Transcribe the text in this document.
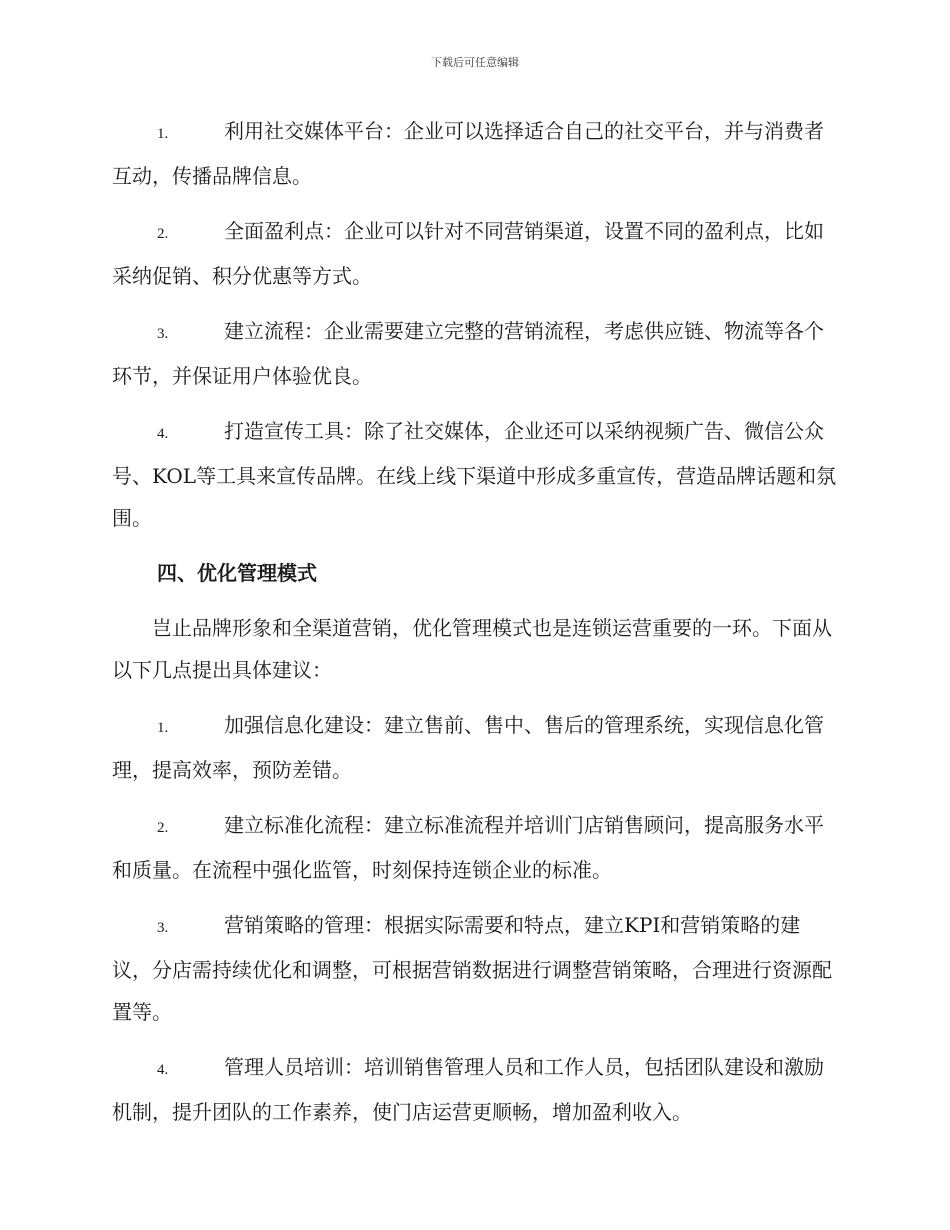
下载后可任意编辑
1.	利用社交媒体平台：企业可以选择适合自己的社交平台，并与消费者互动，传播品牌信息。
2.	全面盈利点：企业可以针对不同营销渠道，设置不同的盈利点，比如采纳促销、积分优惠等方式。
3.	建立流程：企业需要建立完整的营销流程，考虑供应链、物流等各个环节，并保证用户体验优良。
4.	打造宣传工具：除了社交媒体，企业还可以采纳视频广告、微信公众号、KOL等工具来宣传品牌。在线上线下渠道中形成多重宣传，营造品牌话题和氛围。
四、优化管理模式
岂止品牌形象和全渠道营销，优化管理模式也是连锁运营重要的一环。下面从以下几点提出具体建议：
1.	加强信息化建设：建立售前、售中、售后的管理系统，实现信息化管理，提高效率，预防差错。
2.	建立标准化流程：建立标准流程并培训门店销售顾问，提高服务水平和质量。在流程中强化监管，时刻保持连锁企业的标准。
3.	营销策略的管理：根据实际需要和特点，建立KPI和营销策略的建议，分店需持续优化和调整，可根据营销数据进行调整营销策略，合理进行资源配置等。
4.	管理人员培训：培训销售管理人员和工作人员，包括团队建设和激励机制，提升团队的工作素养，使门店运营更顺畅，增加盈利收入。
